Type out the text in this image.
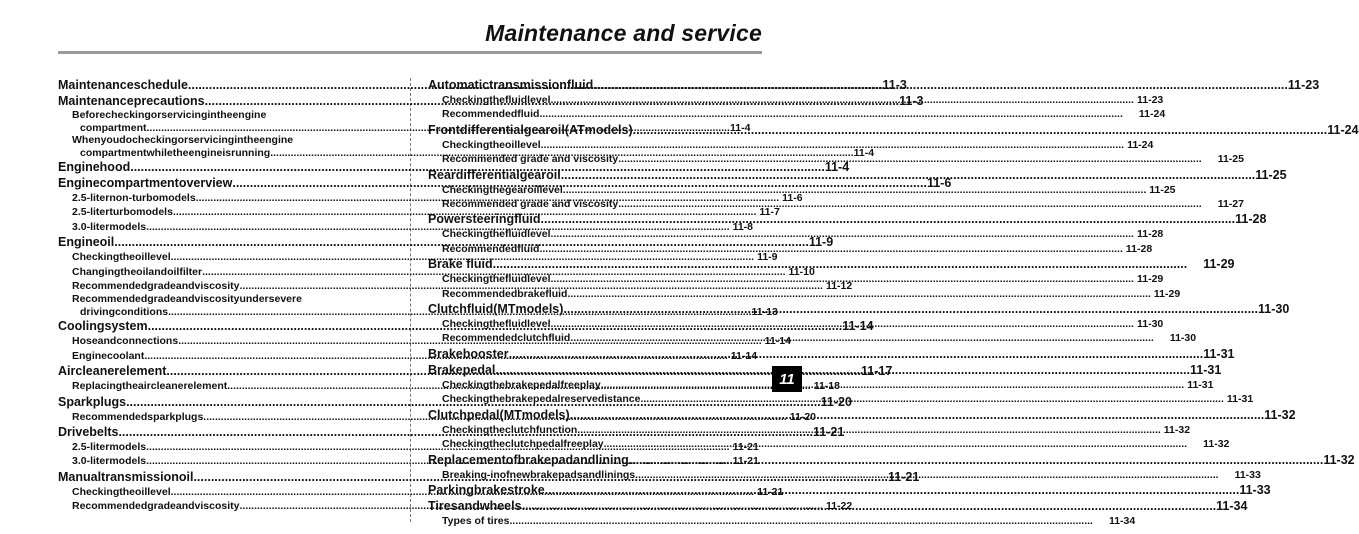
Maintenance and service
Maintenanceschedule .....	11-3
Maintenanceprecautions .....	11-3
Beforecheckingorservicingintheengine
compartment .....	11-4
Whenyoudocheckingorservicingintheengine
compartmentwhiletheengineisrunning .....	11-4
Enginehood .....	11-4
Enginecompartmentoverview .....	11-6
2.5-liternon-turbomodels .....	11-6
2.5-literturbomodels .....	11-7
3.0-litermodels .....	11-8
Engineoil .....	11-9
Checkingtheoillevel .....	11-9
Changingtheoilandoilfilter .....	11-10
Recommendedgradeandviscosity .....	11-12
Recommendedgradeandviscosityundersevere
drivingconditions .....	11-13
Coolingsystem .....	11-14
Hoseandconnections .....	11-14
Enginecoolant .....	11-14
Aircleanerelement .....	11-17
Replacingtheaircleanerelement .....	11-18
Sparkplugs .....	11-20
Recommendedsparkplugs .....	11-20
Drivebelts .....	11-21
2.5-litermodels .....	11-21
3.0-litermodels .....	11-21
Manualtransmissionoil .....	11-21
Checkingtheoillevel .....	11-21
Recommendedgradeandviscosity .....	11-22
Automatictransmissionfluid .....	11-23
Checkingthefluidlevel .....	11-23
Recommendedfluid .....	11-24
Frontdifferentialgearoil(ATmodels) .....	11-24
Checkingtheoillevel .....	11-24
Recommended grade and viscosity .....	11-25
Reardifferentialgearoil .....	11-25
Checkingthegearoillevel .....	11-25
Recommended grade and viscosity .....	11-27
Powersteeringfluid .....	11-28
Checkingthefluidlevel .....	11-28
Recommendedfluid .....	11-28
Brake fluid .....	11-29
Checkingthefluidlevel .....	11-29
Recommendedbrakefluid .....	11-29
Clutchfluid(MTmodels) .....	11-30
Checkingthefluidlevel .....	11-30
Recommendedclutchfluid .....	11-30
Brakebooster .....	11-31
Brakepedal .....	11-31
Checkingthebrakepedalfreeplay .....	11-31
Checkingthebrakepedalreservedistance .....	11-31
Clutchpedal(MTmodels) .....	11-32
Checkingtheclutchfunction .....	11-32
Checkingtheclutchpedalfreeplay .....	11-32
Replacementofbrakepadandlining .....	11-32
Breaking-inofnewbrakepadsandlinings .....	11-33
Parkingbrakestroke .....	11-33
Tiresandwheels .....	11-34
Types of tires .....	11-34
11
